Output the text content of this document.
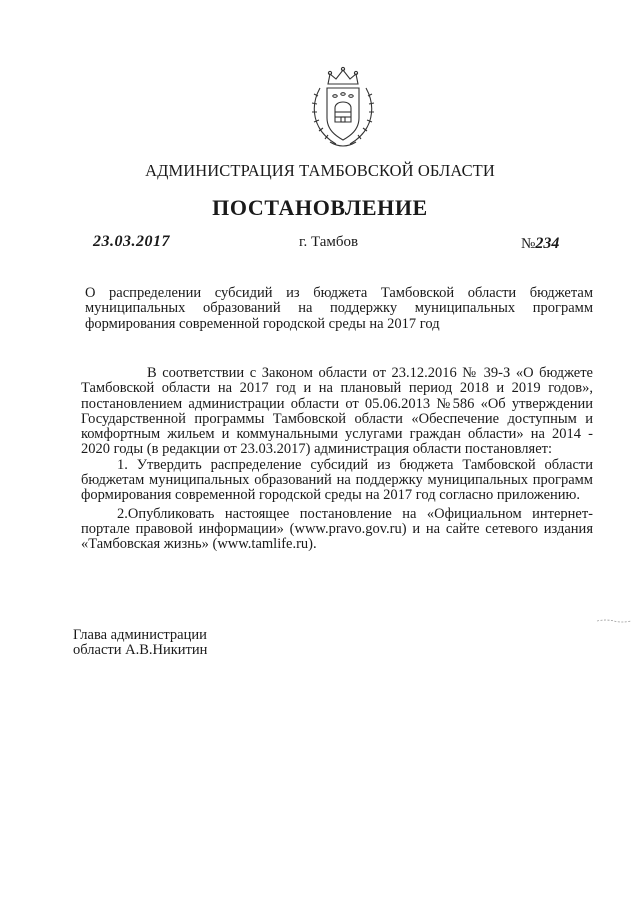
АДМИНИСТРАЦИЯ ТАМБОВСКОЙ ОБЛАСТИ
ПОСТАНОВЛЕНИЕ
23.03.2017	г. Тамбов	№234
О распределении субсидий из бюджета Тамбовской области бюджетам муниципальных образований на поддержку муниципальных программ формирования современной городской среды на 2017 год

В соответствии с Законом области от 23.12.2016 № 39-З «О бюджете Тамбовской области на 2017 год и на плановый период 2018 и 2019 годов», постановлением администрации области от 05.06.2013 №586 «Об утверждении Государственной программы Тамбовской области «Обеспечение доступным и комфортным жильем и коммунальными услугами граждан области» на 2014 - 2020 годы (в редакции от 23.03.2017) администрация области постановляет:

1. Утвердить распределение субсидий из бюджета Тамбовской области бюджетам муниципальных образований на поддержку муниципальных программ формирования современной городской среды на 2017 год согласно приложению.

2.Опубликовать настоящее постановление на «Официальном интернет-портале правовой информации» (www.pravo.gov.ru) и на сайте сетевого издания «Тамбовская жизнь» (www.tamlife.ru).

Глава администрации
области А.В.Никитин
